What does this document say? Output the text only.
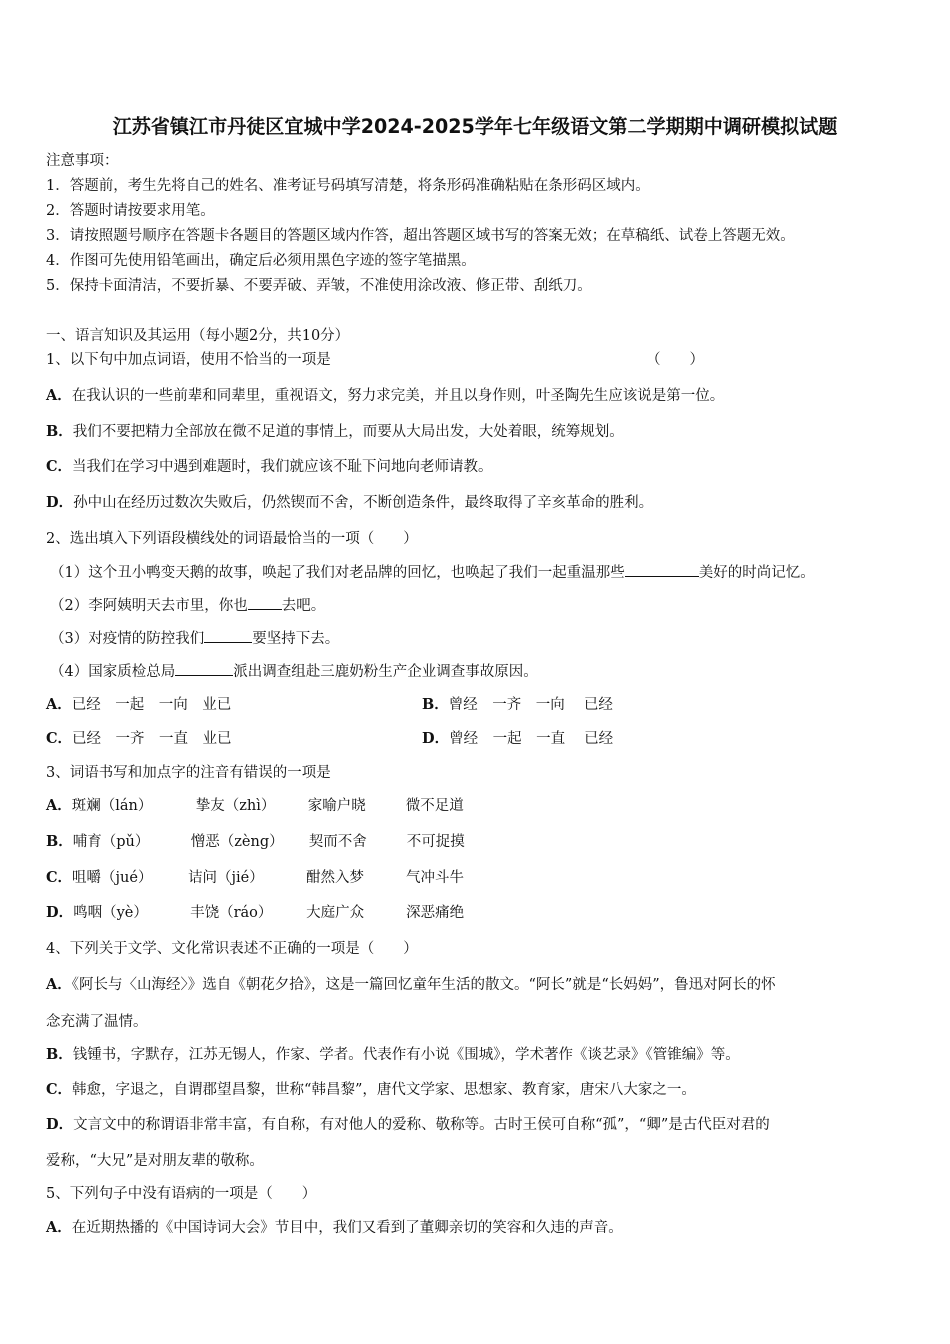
江苏省镇江市丹徒区宜城中学2024-2025学年七年级语文第二学期期中调研模拟试题
注意事项：
1．答题前，考生先将自己的姓名、准考证号码填写清楚，将条形码准确粘贴在条形码区域内。
2．答题时请按要求用笔。
3．请按照题号顺序在答题卡各题目的答题区域内作答，超出答题区域书写的答案无效；在草稿纸、试卷上答题无效。
4．作图可先使用铅笔画出，确定后必须用黑色字迹的签字笔描黑。
5．保持卡面清洁，不要折暴、不要弄破、弄皱，不准使用涂改液、修正带、刮纸刀。
一、语言知识及其运用（每小题2分，共10分）
1、以下句中加点词语，使用不恰当的一项是	（　　）
A．在我认识的一些前辈和同辈里，重视语文，努力求完美，并且以身作则，叶圣陶先生应该说是第一位。
B．我们不要把精力全部放在微不足道的事情上，而要从大局出发，大处着眼，统筹规划。
C．当我们在学习中遇到难题时，我们就应该不耻下问地向老师请教。
D．孙中山在经历过数次失败后，仍然锲而不舍，不断创造条件，最终取得了辛亥革命的胜利。
2、选出填入下列语段横线处的词语最恰当的一项（　　）
（1）这个丑小鸭变天鹅的故事，唤起了我们对老品牌的回忆，也唤起了我们一起重温那些	美好的时尚记忆。
（2）李阿姨明天去市里，你也 去吧。
（3）对疫情的防控我们	要坚持下去。
（4）国家质检总局	派出调查组赴三鹿奶粉生产企业调查事故原因。
A．已经　一起　一向　业已	B．曾经　一齐　一向　 已经
C．已经　一齐　一直　业已	D．曾经　一起　一直　 已经
3、词语书写和加点字的注音有错误的一项是
A．斑斓（lán）	挚友（zhì） 家喻户晓	微不足道
B．哺育（pǔ）	憎恶（zèng） 契而不舍	不可捉摸
C．咀嚼（jué） 诘问（jié）	酣然入梦	气冲斗牛
D．鸣咽（yè）	丰饶（ráo） 大庭广众	深恶痛绝
4、下列关于文学、文化常识表述不正确的一项是（　　）
A．《阿长与〈山海经〉》选自《朝花夕拾》，这是一篇回忆童年生活的散文。“阿长”就是“长妈妈”，鲁迅对阿长的怀
念充满了温情。
B．钱锺书，字默存，江苏无锡人，作家、学者。代表作有小说《围城》，学术著作《谈艺录》《管锥编》等。
C．韩愈，字退之，自谓郡望昌黎，世称“韩昌黎”，唐代文学家、思想家、教育家，唐宋八大家之一。
D．文言文中的称谓语非常丰富，有自称，有对他人的爱称、敬称等。古时王侯可自称“孤”，“卿”是古代臣对君的
爱称，“大兄”是对朋友辈的敬称。
5、下列句子中没有语病的一项是（　　）
A．在近期热播的《中国诗词大会》节目中，我们又看到了董卿亲切的笑容和久违的声音。
